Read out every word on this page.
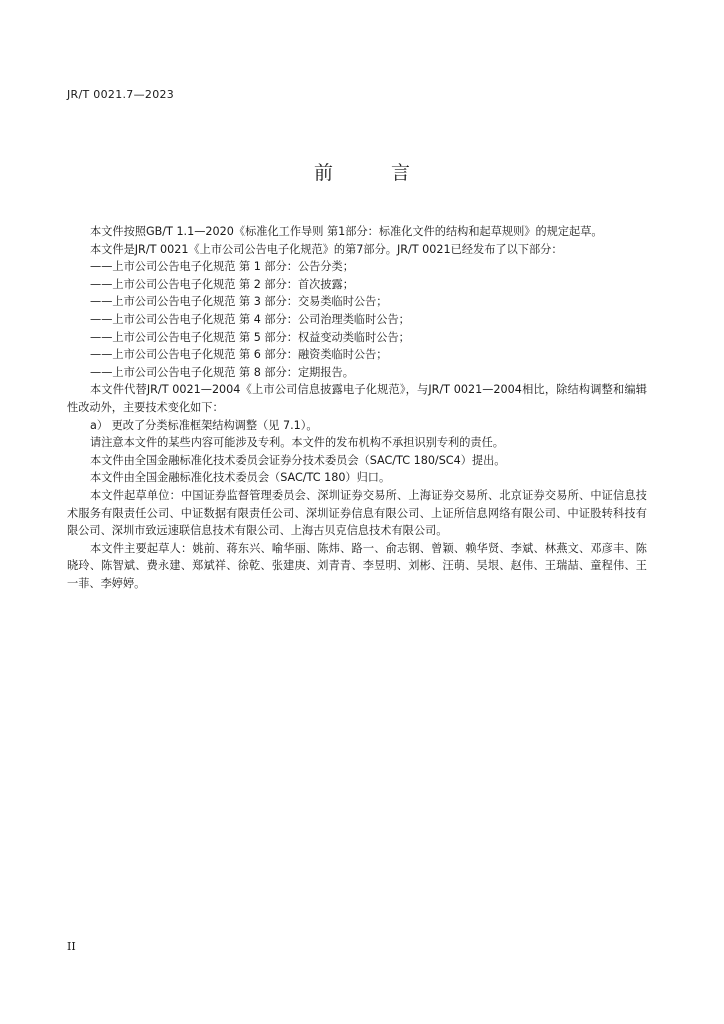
JR/T 0021.7—2023
前 言

本文件按照GB/T 1.1—2020《标准化工作导则 第1部分：标准化文件的结构和起草规则》的规定起草。

本文件是JR/T 0021《上市公司公告电子化规范》的第7部分。JR/T 0021已经发布了以下部分：

——上市公司公告电子化规范 第 1 部分：公告分类；

——上市公司公告电子化规范 第 2 部分：首次披露；

——上市公司公告电子化规范 第 3 部分：交易类临时公告；

——上市公司公告电子化规范 第 4 部分：公司治理类临时公告；

——上市公司公告电子化规范 第 5 部分：权益变动类临时公告；

——上市公司公告电子化规范 第 6 部分：融资类临时公告；

——上市公司公告电子化规范 第 8 部分：定期报告。

本文件代替JR/T 0021—2004《上市公司信息披露电子化规范》，与JR/T 0021—2004相比，除结构调整和编辑性改动外，主要技术变化如下：

a） 更改了分类标准框架结构调整（见 7.1）。

请注意本文件的某些内容可能涉及专利。本文件的发布机构不承担识别专利的责任。

本文件由全国金融标准化技术委员会证券分技术委员会（SAC/TC 180/SC4）提出。

本文件由全国金融标准化技术委员会（SAC/TC 180）归口。

本文件起草单位：中国证券监督管理委员会、深圳证券交易所、上海证券交易所、北京证券交易所、中证信息技术服务有限责任公司、中证数据有限责任公司、深圳证券信息有限公司、上证所信息网络有限公司、中证股转科技有限公司、深圳市致远速联信息技术有限公司、上海古贝克信息技术有限公司。

本文件主要起草人：姚前、蒋东兴、喻华丽、陈炜、路一、俞志钢、曾颖、赖华贤、李斌、林燕文、邓彦丰、陈晓玲、陈智斌、费永建、郑斌祥、徐乾、张建庚、刘青青、李昱明、刘彬、汪萌、吴垠、赵伟、王瑞喆、童程伟、王一菲、李婷婷。

II
